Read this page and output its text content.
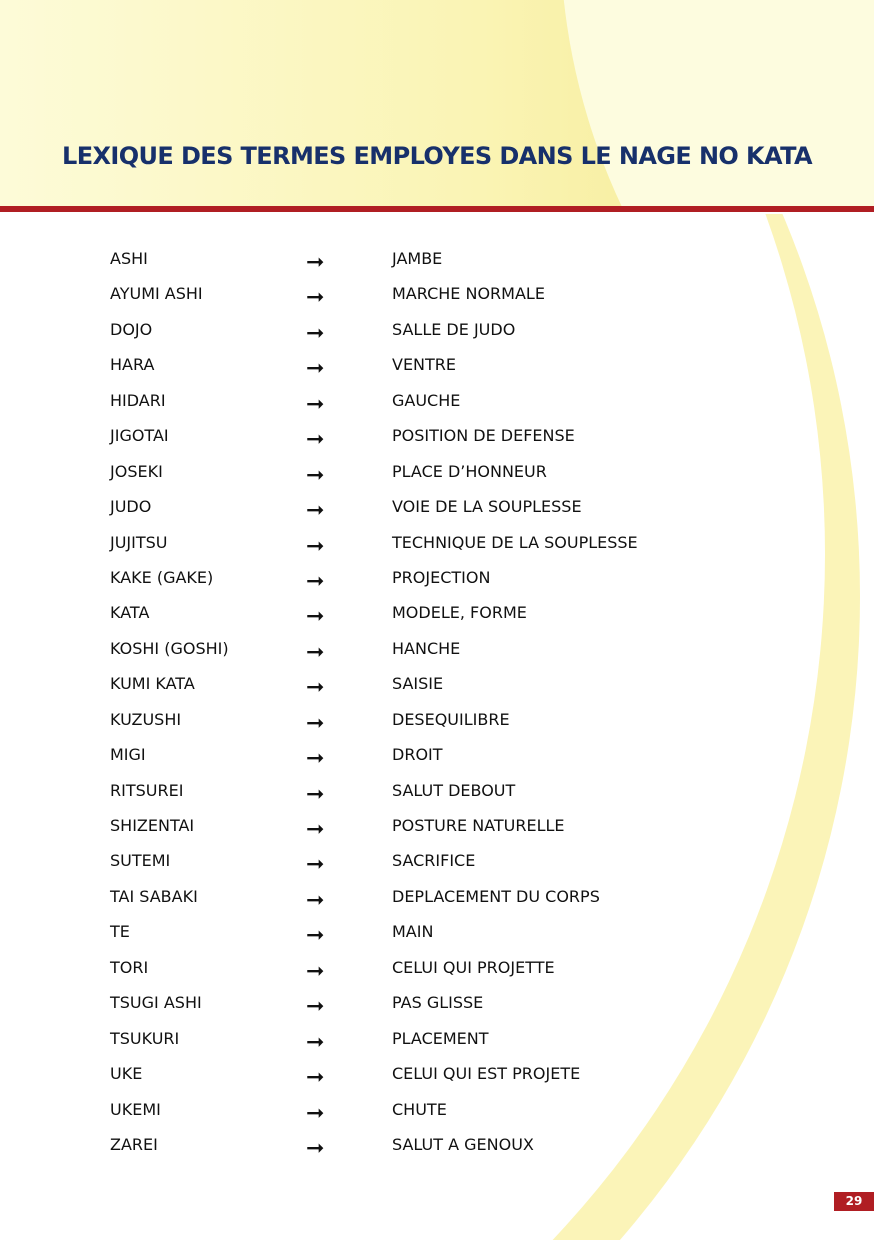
LEXIQUE DES TERMES EMPLOYES DANS LE NAGE NO KATA
ASHI	➞	JAMBE
AYUMI ASHI	➞	MARCHE NORMALE
DOJO	➞	SALLE DE JUDO
HARA	➞	VENTRE
HIDARI	➞	GAUCHE
JIGOTAI	➞	POSITION DE DEFENSE
JOSEKI	➞	PLACE D’HONNEUR
JUDO	➞	VOIE DE LA SOUPLESSE
JUJITSU	➞	TECHNIQUE DE LA SOUPLESSE
KAKE (GAKE)	➞	PROJECTION
KATA	➞	MODELE, FORME
KOSHI (GOSHI)	➞	HANCHE
KUMI KATA	➞	SAISIE
KUZUSHI	➞	DESEQUILIBRE
MIGI	➞	DROIT
RITSUREI	➞	SALUT DEBOUT
SHIZENTAI	➞	POSTURE NATURELLE
SUTEMI	➞	SACRIFICE
TAI SABAKI	➞	DEPLACEMENT DU CORPS
TE	➞	MAIN
TORI	➞	CELUI QUI PROJETTE
TSUGI ASHI	➞	PAS GLISSE
TSUKURI	➞	PLACEMENT
UKE	➞	CELUI QUI EST PROJETE
UKEMI	➞	CHUTE
ZAREI	➞	SALUT A GENOUX
29
